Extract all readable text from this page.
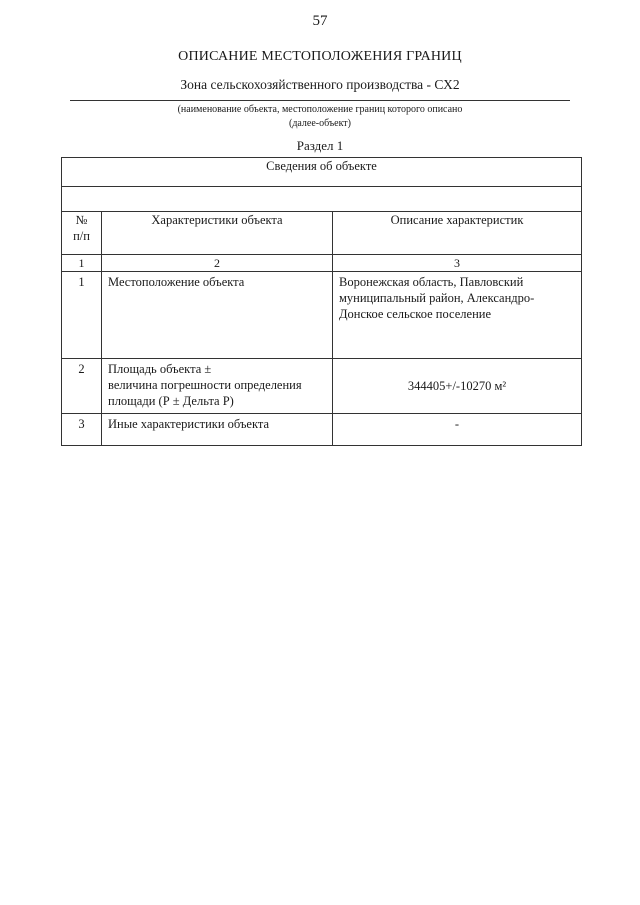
57
ОПИСАНИЕ МЕСТОПОЛОЖЕНИЯ ГРАНИЦ
Зона сельскохозяйственного производства - СХ2
(наименование объекта, местоположение границ которого описано
(далее-объект)
Раздел 1
Сведения об объекте		

№
п/п	Характеристики объекта	Описание характеристик
1	2	3
1	Местоположение объекта	Воронежская область, Павловский
муниципальный район, Александро-
Донское сельское поселение

2	Площадь объекта ±
величина погрешности определения
площади (Р ± Дельта Р)	344405+/-10270 м²

3	Иные характеристики объекта	-
